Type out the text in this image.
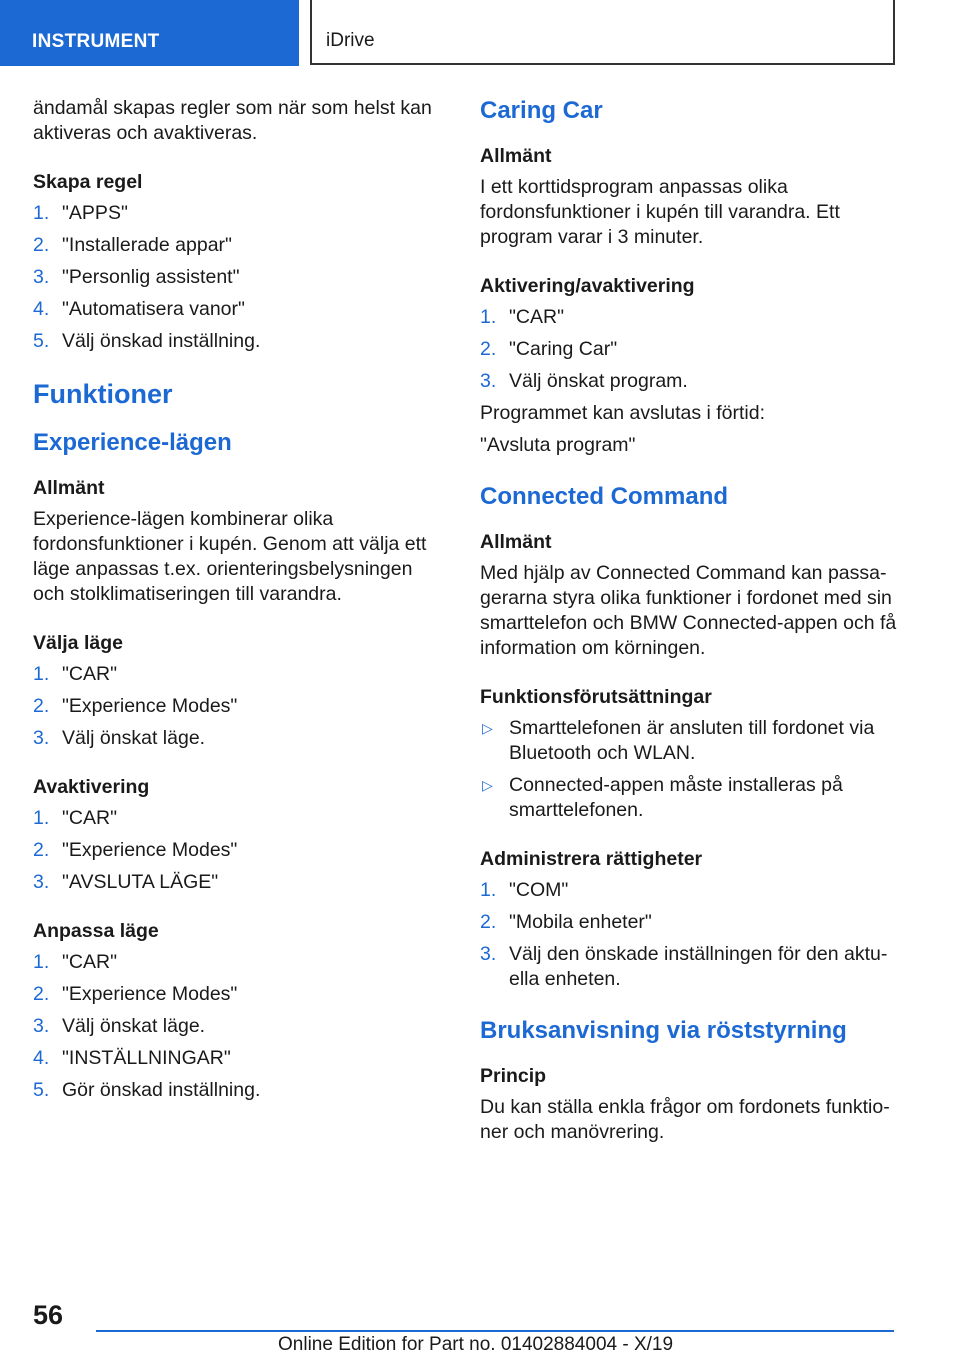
INSTRUMENT	iDrive

ändamål skapas regler som när som helst kan aktiveras och avaktiveras.

Skapa regel
1. "APPS"
2. "Installerade appar"
3. "Personlig assistent"
4. "Automatisera vanor"
5. Välj önskad inställning.
Funktioner
Experience-lägen
Allmänt

Experience-lägen kombinerar olika fordonsfunktioner i kupén. Genom att välja ett läge anpassas t.ex. orienteringsbelysningen och stolklimatiseringen till varandra.

Välja läge
1. "CAR"
2. "Experience Modes"
3. Välj önskat läge.
Avaktivering
1. "CAR"
2. "Experience Modes"
3. "AVSLUTA LÄGE"
Anpassa läge
1. "CAR"
2. "Experience Modes"
3. Välj önskat läge.
4. "INSTÄLLNINGAR"
5. Gör önskad inställning.
Caring Car
Allmänt

I ett korttidsprogram anpassas olika fordonsfunktioner i kupén till varandra. Ett program varar i 3 minuter.

Aktivering/avaktivering
1. "CAR"
2. "Caring Car"
3. Välj önskat program.

Programmet kan avslutas i förtid:

"Avsluta program"

Connected Command
Allmänt

Med hjälp av Connected Command kan passagerarna styra olika funktioner i fordonet med sin smarttelefon och BMW Connected-appen och få information om körningen.

Funktionsförutsättningar
▷ Smarttelefonen är ansluten till fordonet via Bluetooth och WLAN.
▷ Connected-appen måste installeras på smarttelefonen.
Administrera rättigheter
1. "COM"
2. "Mobila enheter"
3. Välj den önskade inställningen för den aktuella enheten.
Bruksanvisning via röststyrning
Princip

Du kan ställa enkla frågor om fordonets funktioner och manövrering.

56
Online Edition for Part no. 01402884004 - X/19
